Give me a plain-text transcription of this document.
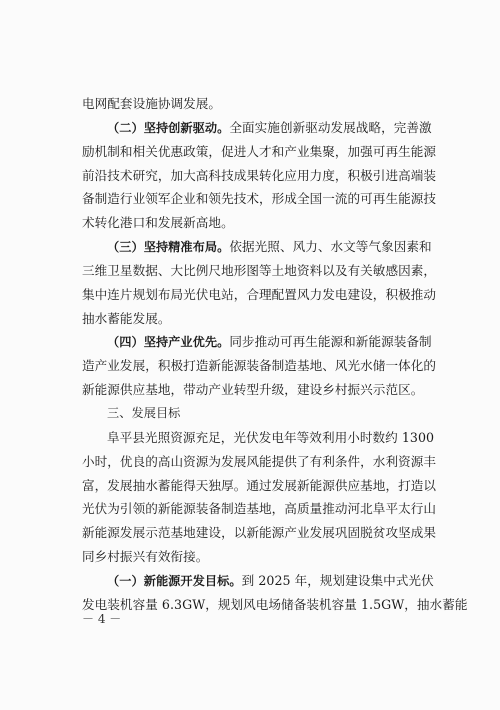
电网配套设施协调发展。
（二）坚持创新驱动。全面实施创新驱动发展战略，完善激
励机制和相关优惠政策，促进人才和产业集聚，加强可再生能源
前沿技术研究，加大高科技成果转化应用力度，积极引进高端装
备制造行业领军企业和领先技术，形成全国一流的可再生能源技
术转化港口和发展新高地。
（三）坚持精准布局。依据光照、风力、水文等气象因素和
三维卫星数据、大比例尺地形图等土地资料以及有关敏感因素，
集中连片规划布局光伏电站，合理配置风力发电建设，积极推动
抽水蓄能发展。
（四）坚持产业优先。同步推动可再生能源和新能源装备制
造产业发展，积极打造新能源装备制造基地、风光水储一体化的
新能源供应基地，带动产业转型升级，建设乡村振兴示范区。
三、发展目标
阜平县光照资源充足，光伏发电年等效利用小时数约 1300
小时，优良的高山资源为发展风能提供了有利条件，水利资源丰
富，发展抽水蓄能得天独厚。通过发展新能源供应基地，打造以
光伏为引领的新能源装备制造基地，高质量推动河北阜平太行山
新能源发展示范基地建设，以新能源产业发展巩固脱贫攻坚成果
同乡村振兴有效衔接。
（一）新能源开发目标。到 2025 年，规划建设集中式光伏
发电装机容量 6.3GW，规划风电场储备装机容量 1.5GW，抽水蓄能
－ 4 －
